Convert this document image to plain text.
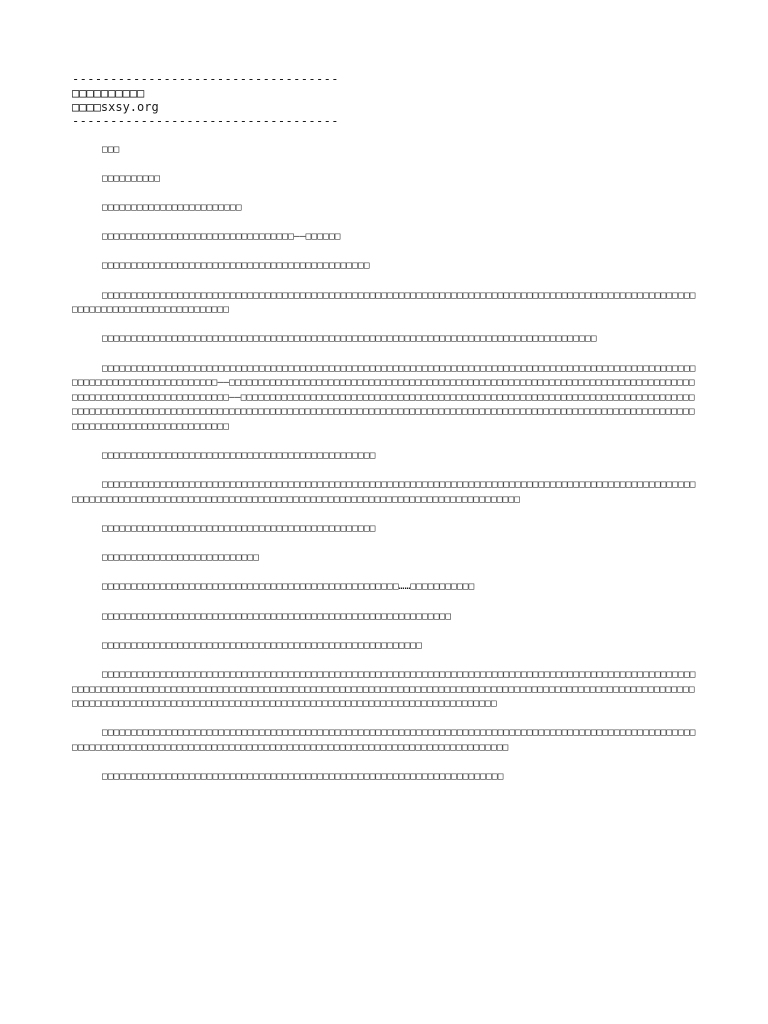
-----------------------------------
□□□□□□□□□□
□□□□sxsy.org
-----------------------------------
□□□
□□□□□□□□□□
□□□□□□□□□□□□□□□□□□□□□□□□
□□□□□□□□□□□□□□□□□□□□□□□□□□□□□□□□□——□□□□□□
□□□□□□□□□□□□□□□□□□□□□□□□□□□□□□□□□□□□□□□□□□□□□□
□□□□□□□□□□□□□□□□□□□□□□□□□□□□□□□□□□□□□□□□□□□□□□□□□□□□□□□□□□□□□□□□□□□□□□□□□□□□□□□□□□□□□□□□□□□□□□□□□□□□□□□□□□□□□□□□□□□□□□□□□□□□□□□□□
□□□□□□□□□□□□□□□□□□□□□□□□□□□□□□□□□□□□□□□□□□□□□□□□□□□□□□□□□□□□□□□□□□□□□□□□□□□□□□□□□□□□□
□□□□□□□□□□□□□□□□□□□□□□□□□□□□□□□□□□□□□□□□□□□□□□□□□□□□□□□□□□□□□□□□□□□□□□□□□□□□□□□□□□□□□□□□□□□□□□□□□□□□□□□□□□□□□□□□□□□□□□□□□□□□□□□——□□□□□□□□□□□□□□□□□□□□□□□□□□□□□□□□□□□□□□□□□□□□□□□□□□□□□□□□□□□□□□□□□□□□□□□□□□□□□□□□□□□□□□□□□□□□□□□□□□□□□□□□□□□——□□□□□□□□□□□□□□□□□□□□□□□□□□□□□□□□□□□□□□□□□□□□□□□□□□□□□□□□□□□□□□□□□□□□□□□□□□□□□□□□□□□□□□□□□□□□□□□□□□□□□□□□□□□□□□□□□□□□□□□□□□□□□□□□□□□□□□□□□□□□□□□□□□□□□□□□□□□□□□□□□□□□□□□□□□□□□□□□□□□□□□□□□□□□□□□□□□□□□□□□□□□□□□□□□□□□
□□□□□□□□□□□□□□□□□□□□□□□□□□□□□□□□□□□□□□□□□□□□□□□
□□□□□□□□□□□□□□□□□□□□□□□□□□□□□□□□□□□□□□□□□□□□□□□□□□□□□□□□□□□□□□□□□□□□□□□□□□□□□□□□□□□□□□□□□□□□□□□□□□□□□□□□□□□□□□□□□□□□□□□□□□□□□□□□□□□□□□□□□□□□□□□□□□□□□□□□□□□□□□□□□□□□□□□□□□□□□□□□□□□
□□□□□□□□□□□□□□□□□□□□□□□□□□□□□□□□□□□□□□□□□□□□□□□
□□□□□□□□□□□□□□□□□□□□□□□□□□□
□□□□□□□□□□□□□□□□□□□□□□□□□□□□□□□□□□□□□□□□□□□□□□□□□□□……□□□□□□□□□□□
□□□□□□□□□□□□□□□□□□□□□□□□□□□□□□□□□□□□□□□□□□□□□□□□□□□□□□□□□□□□
□□□□□□□□□□□□□□□□□□□□□□□□□□□□□□□□□□□□□□□□□□□□□□□□□□□□□□□
□□□□□□□□□□□□□□□□□□□□□□□□□□□□□□□□□□□□□□□□□□□□□□□□□□□□□□□□□□□□□□□□□□□□□□□□□□□□□□□□□□□□□□□□□□□□□□□□□□□□□□□□□□□□□□□□□□□□□□□□□□□□□□□□□□□□□□□□□□□□□□□□□□□□□□□□□□□□□□□□□□□□□□□□□□□□□□□□□□□□□□□□□□□□□□□□□□□□□□□□□□□□□□□□□□□□□□□□□□□□□□□□□□□□□□□□□□□□□□□□□□□□□□□□□□□□□□□□□□□□□□□□□□□□□□□□□□□□□□□□□□
□□□□□□□□□□□□□□□□□□□□□□□□□□□□□□□□□□□□□□□□□□□□□□□□□□□□□□□□□□□□□□□□□□□□□□□□□□□□□□□□□□□□□□□□□□□□□□□□□□□□□□□□□□□□□□□□□□□□□□□□□□□□□□□□□□□□□□□□□□□□□□□□□□□□□□□□□□□□□□□□□□□□□□□□□□□□□□□□□
□□□□□□□□□□□□□□□□□□□□□□□□□□□□□□□□□□□□□□□□□□□□□□□□□□□□□□□□□□□□□□□□□□□□□
